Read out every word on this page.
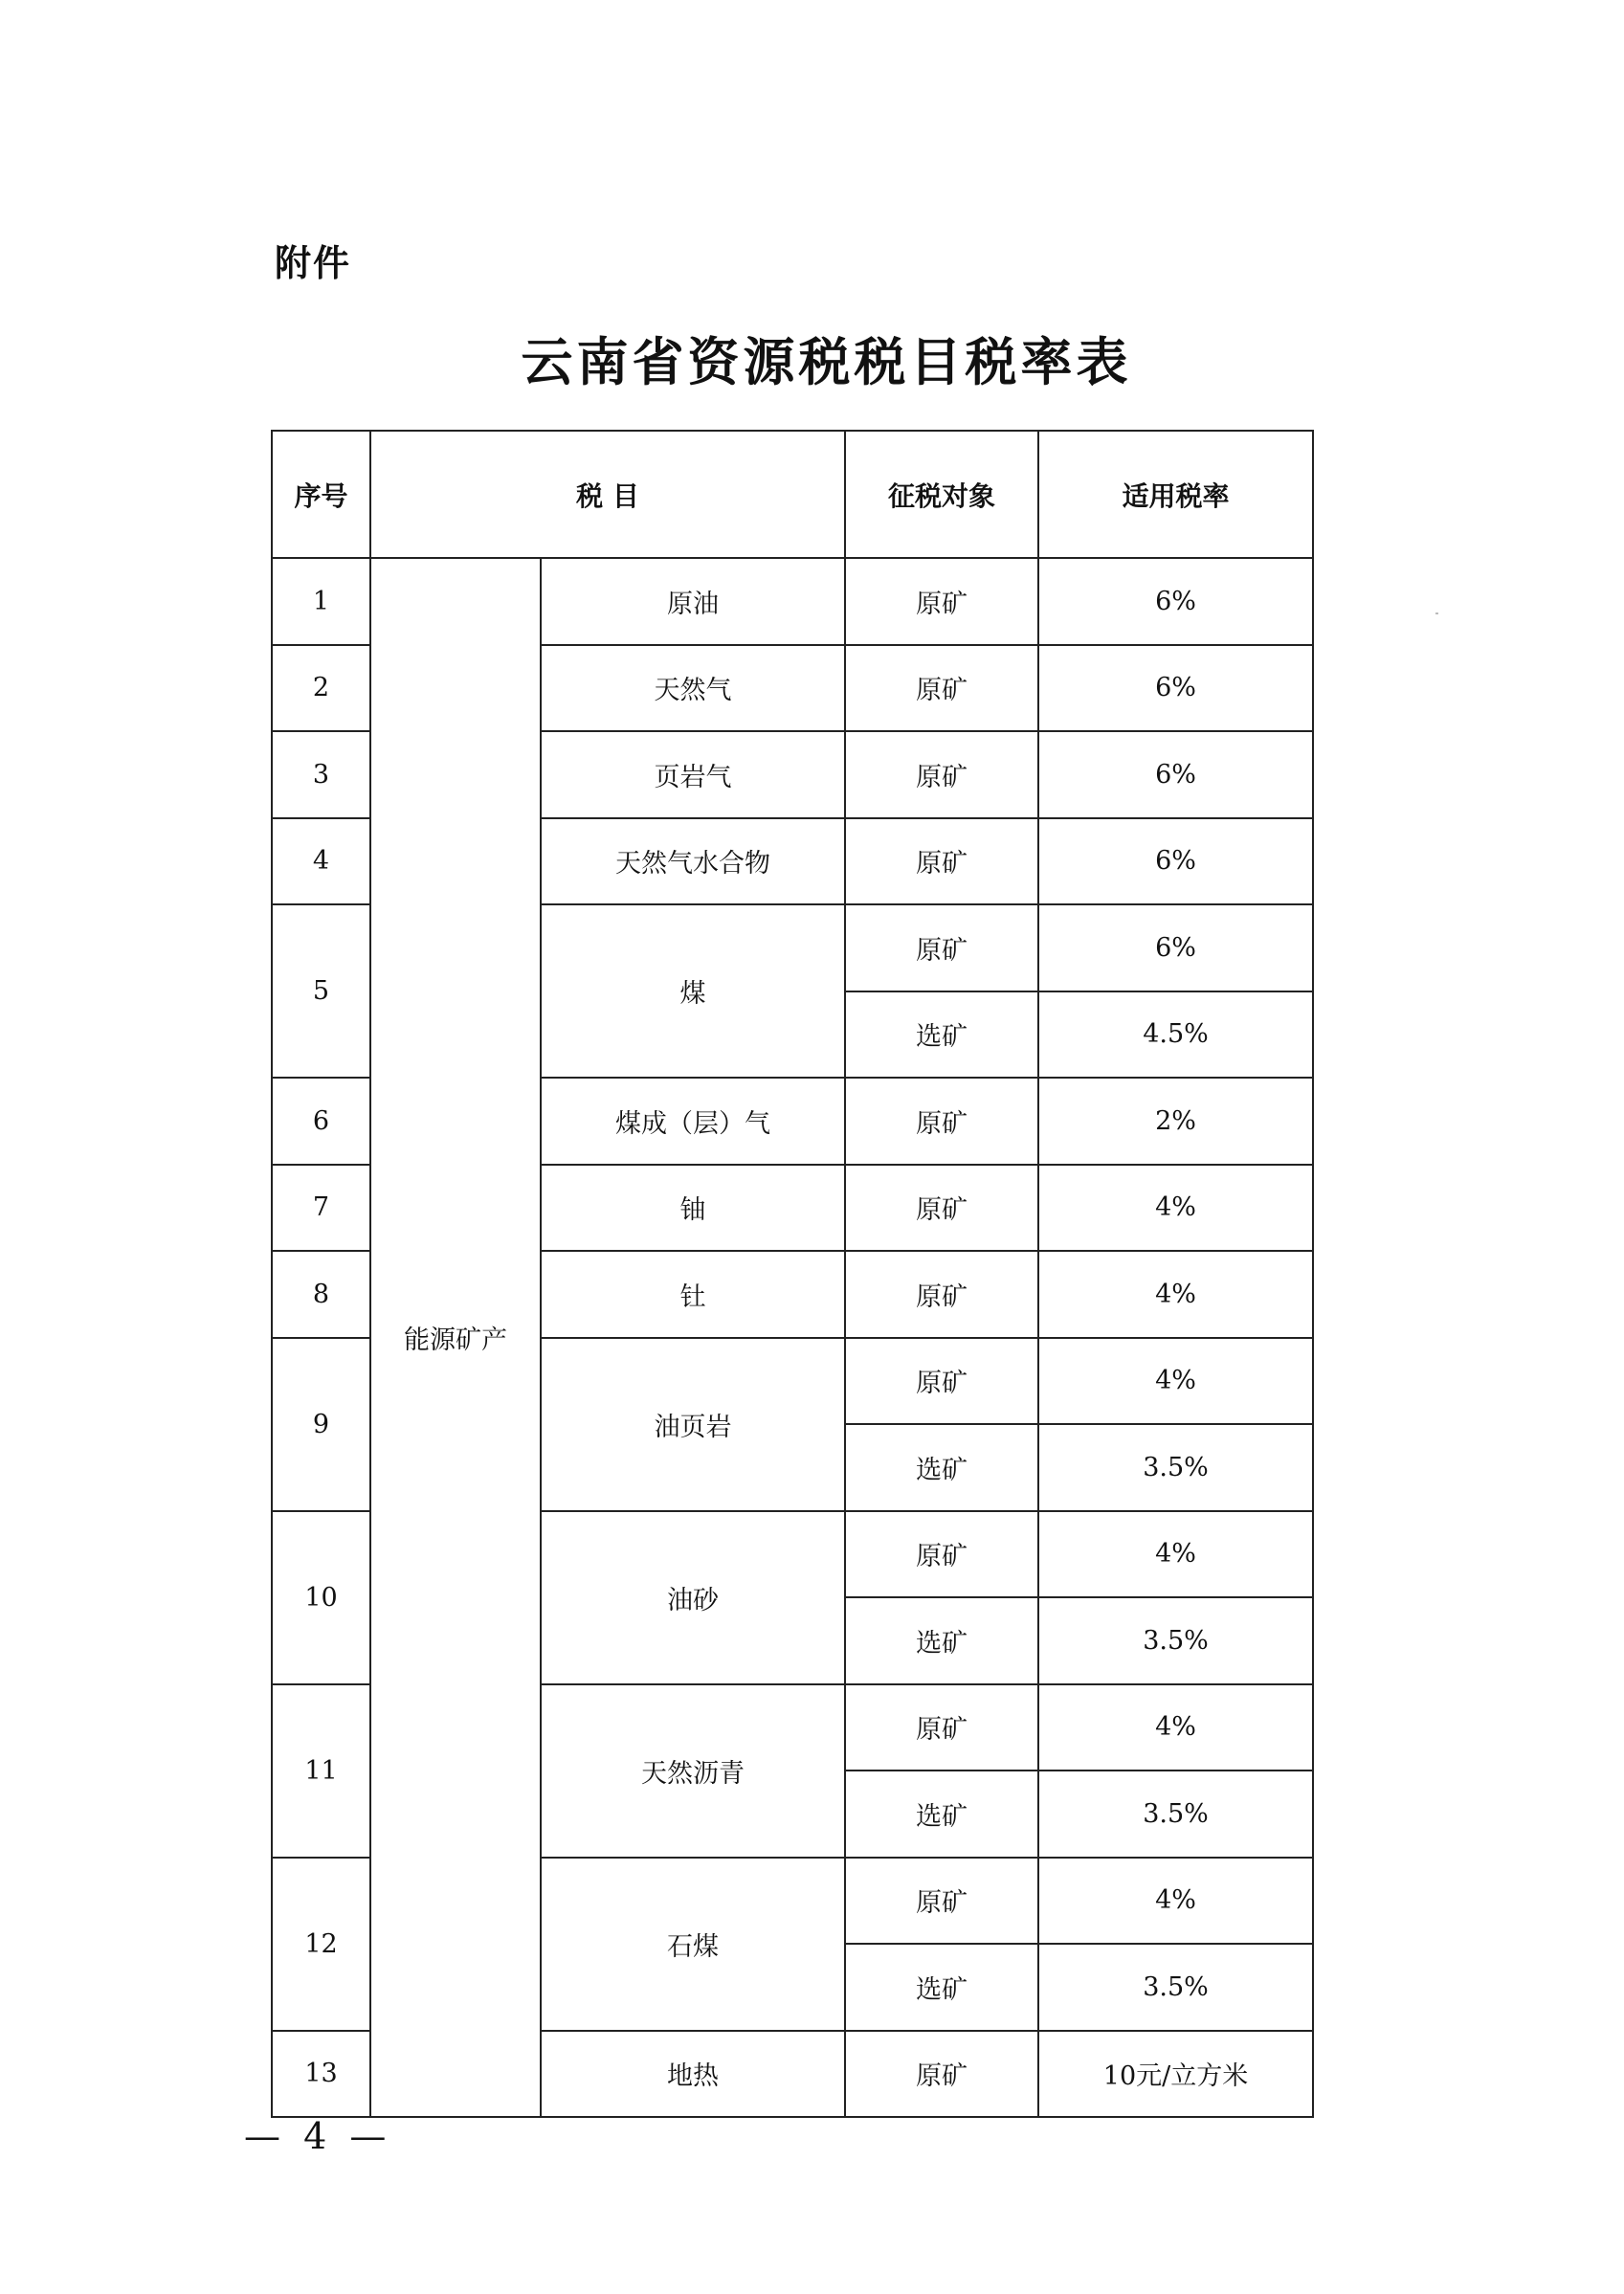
附件
云南省资源税税目税率表
序号	税 目		征税对象	适用税率
1	能源矿产	原油	原矿	6%
2		天然气	原矿	6%
3		页岩气	原矿	6%
4		天然气水合物	原矿	6%
5		煤	原矿	6%
			选矿	4.5%
6		煤成（层）气	原矿	2%
7		铀	原矿	4%
8		钍	原矿	4%
9		油页岩	原矿	4%
			选矿	3.5%
10		油砂	原矿	4%
			选矿	3.5%
11		天然沥青	原矿	4%
			选矿	3.5%
12		石煤	原矿	4%
			选矿	3.5%
13		地热	原矿	10元/立方米
— 4 —
